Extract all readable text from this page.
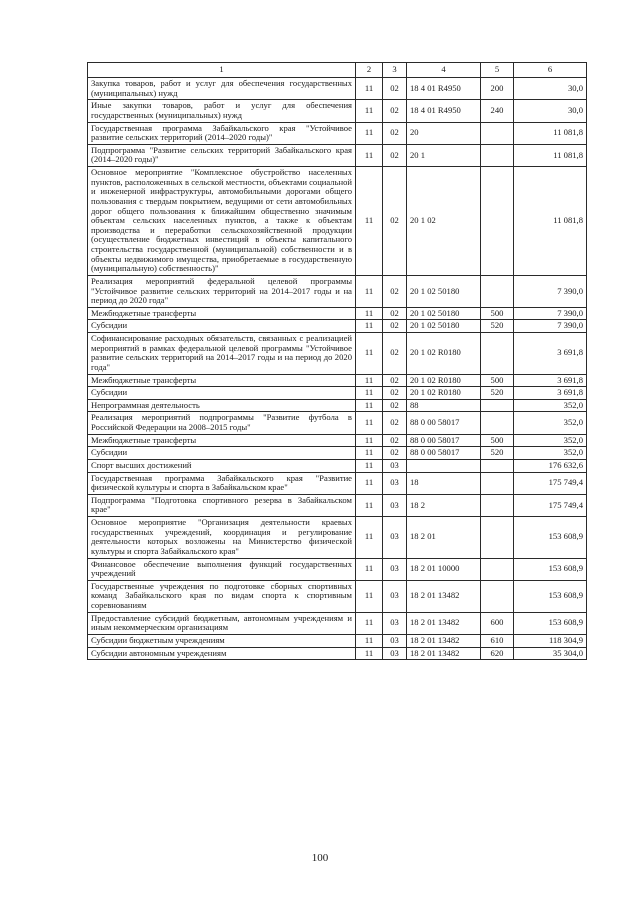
1	2	3	4	5	6
Закупка товаров, работ и услуг для обеспечения государственных (муниципальных) нужд	11	02	18 4 01 R4950	200	30,0
Иные закупки товаров, работ и услуг для обеспечения государственных (муниципальных) нужд	11	02	18 4 01 R4950	240	30,0
Государственная программа Забайкальского края "Устойчивое развитие сельских территорий (2014–2020 годы)"	11	02	20		11 081,8
Подпрограмма "Развитие сельских территорий Забайкальского края (2014–2020 годы)"	11	02	20 1		11 081,8
Основное мероприятие "Комплексное обустройство населенных пунктов, расположенных в сельской местности, объектами социальной и инженерной инфраструктуры, автомобильными дорогами общего пользования с твердым покрытием, ведущими от сети автомобильных дорог общего пользования к ближайшим общественно значимым объектам сельских населенных пунктов, а также к объектам производства и переработки сельскохозяйственной продукции (осуществление бюджетных инвестиций в объекты капитального строительства государственной (муниципальной) собственности и в объекты недвижимого имущества, приобретаемые в государственную (муниципальную) собственность)"	11	02	20 1 02		11 081,8
Реализация мероприятий федеральной целевой программы "Устойчивое развитие сельских территорий на 2014–2017 годы и на период до 2020 года"	11	02	20 1 02 50180		7 390,0
Межбюджетные трансферты	11	02	20 1 02 50180	500	7 390,0
Субсидии	11	02	20 1 02 50180	520	7 390,0
Софинансирование расходных обязательств, связанных с реализацией мероприятий в рамках федеральной целевой программы "Устойчивое развитие сельских территорий на 2014–2017 годы и на период до 2020 года"	11	02	20 1 02 R0180		3 691,8
Межбюджетные трансферты	11	02	20 1 02 R0180	500	3 691,8
Субсидии	11	02	20 1 02 R0180	520	3 691,8
Непрограммная деятельность	11	02	88		352,0
Реализация мероприятий подпрограммы "Развитие футбола в Российской Федерации на 2008–2015 годы"	11	02	88 0 00 58017		352,0
Межбюджетные трансферты	11	02	88 0 00 58017	500	352,0
Субсидии	11	02	88 0 00 58017	520	352,0
Спорт высших достижений	11	03			176 632,6
Государственная программа Забайкальского края "Развитие физической культуры и спорта в Забайкальском крае"	11	03	18		175 749,4
Подпрограмма "Подготовка спортивного резерва в Забайкальском крае"	11	03	18 2		175 749,4
Основное мероприятие "Организация деятельности краевых государственных учреждений, координация и регулирование деятельности которых возложены на Министерство физической культуры и спорта Забайкальского края"	11	03	18 2 01		153 608,9
Финансовое обеспечение выполнения функций государственных учреждений	11	03	18 2 01 10000		153 608,9
Государственные учреждения по подготовке сборных спортивных команд Забайкальского края по видам спорта к спортивным соревнованиям	11	03	18 2 01 13482		153 608,9
Предоставление субсидий бюджетным, автономным учреждениям и иным некоммерческим организациям	11	03	18 2 01 13482	600	153 608,9
Субсидии бюджетным учреждениям	11	03	18 2 01 13482	610	118 304,9
Субсидии автономным учреждениям	11	03	18 2 01 13482	620	35 304,0
100
